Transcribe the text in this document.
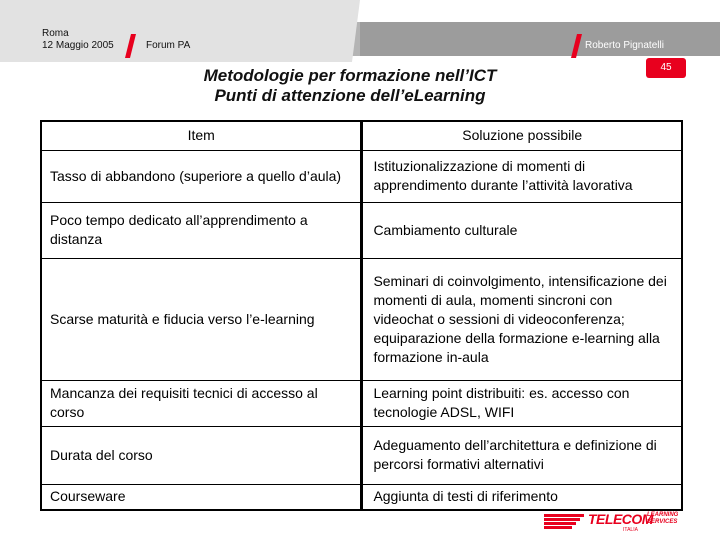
Roma
12 Maggio 2005	Forum PA	Roberto Pignatelli
45
Metodologie per formazione nell’ICT
Punti di attenzione dell’eLearning
Item	Soluzione possibile
Tasso di abbandono (superiore a quello d’aula)	Istituzionalizzazione di momenti di apprendimento durante l’attività lavorativa
Poco tempo dedicato all’apprendimento a distanza	Cambiamento culturale
Scarse maturità e fiducia verso l’e-learning	Seminari di coinvolgimento, intensificazione dei momenti di aula, momenti sincroni con videochat o sessioni di videoconferenza; equiparazione della formazione e-learning alla formazione in-aula
Mancanza dei requisiti tecnici di accesso al corso	Learning point distribuiti: es. accesso con tecnologie ADSL, WIFI
Durata del corso	Adeguamento dell’architettura e definizione di percorsi formativi alternativi
Courseware	Aggiunta di testi di riferimento
TELECOM
ITALIA
LEARNING
SERVICES
